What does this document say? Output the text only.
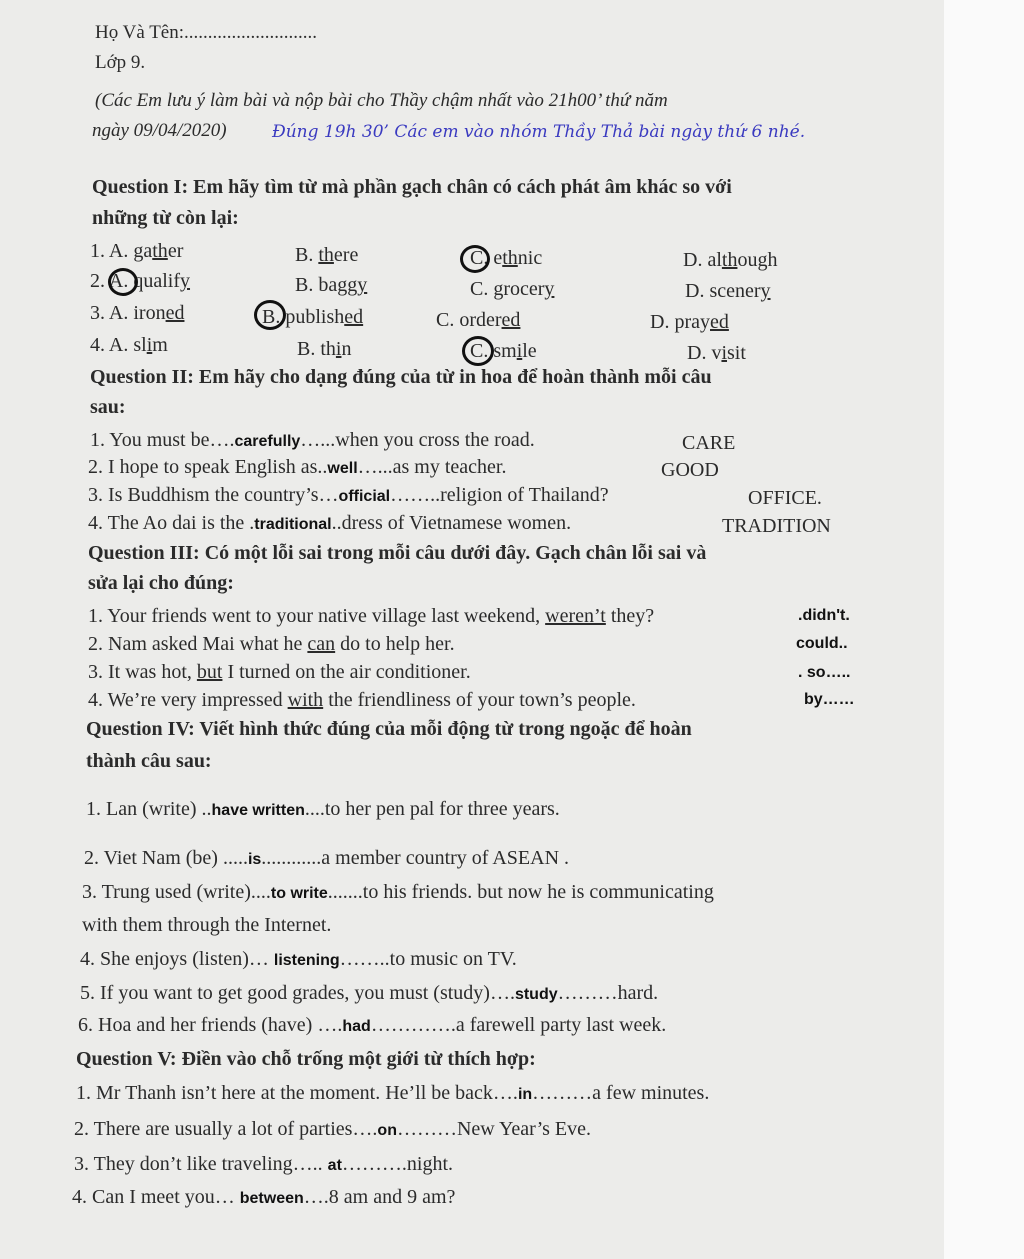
Họ Và Tên:............................
Lớp 9.
(Các Em lưu ý làm bài và nộp bài cho Thầy chậm nhất vào 21h00’ thứ năm
ngày 09/04/2020)	Đúng 19h 30’ Các em vào nhóm Thầy Thả bài ngày thứ 6 nhé.
Question I: Em hãy tìm từ mà phần gạch chân có cách phát âm khác so với
những từ còn lại:
1. A. gather	B. there	C. ethnic	D. although
2. A. qualify	B. baggy	C. grocery	D. scenery
3. A. ironed	B. published	C. ordered	D. prayed
4. A. slim	B. thin	C. smile	D. visit
Question II: Em hãy cho dạng đúng của từ in hoa để hoàn thành mỗi câu
sau:
1. You must be….carefully…...when you cross the road.	CARE
2. I hope to speak English as..well…...as my teacher.	GOOD
3. Is Buddhism the country’s…official……..religion of Thailand?	OFFICE.
4. The Ao dai is the .traditional..dress of Vietnamese women.	TRADITION
Question III: Có một lỗi sai trong mỗi câu dưới đây. Gạch chân lỗi sai và
sửa lại cho đúng:
1. Your friends went to your native village last weekend, weren’t they?	.didn't.
2. Nam asked Mai what he can do to help her.	could..
3. It was hot, but I turned on the air conditioner.	. so…..
4. We’re very impressed with the friendliness of your town’s people.	by……
Question IV: Viết hình thức đúng của mỗi động từ trong ngoặc để hoàn
thành câu sau:
1. Lan (write) ..have written....to her pen pal for three years.
2. Viet Nam (be) .....is............a member country of ASEAN .
3. Trung used (write)....to write.......to his friends. but now he is communicating
with them through the Internet.
4. She enjoys (listen)… listening……..to music on TV.
5. If you want to get good grades, you must (study)….study………hard.
6. Hoa and her friends (have) ….had………….a farewell party last week.
Question V: Điền vào chỗ trống một giới từ thích hợp:
1. Mr Thanh isn’t here at the moment. He’ll be back….in………a few minutes.
2. There are usually a lot of parties….on………New Year’s Eve.
3. They don’t like traveling….. at……….night.
4. Can I meet you… between….8 am and 9 am?
